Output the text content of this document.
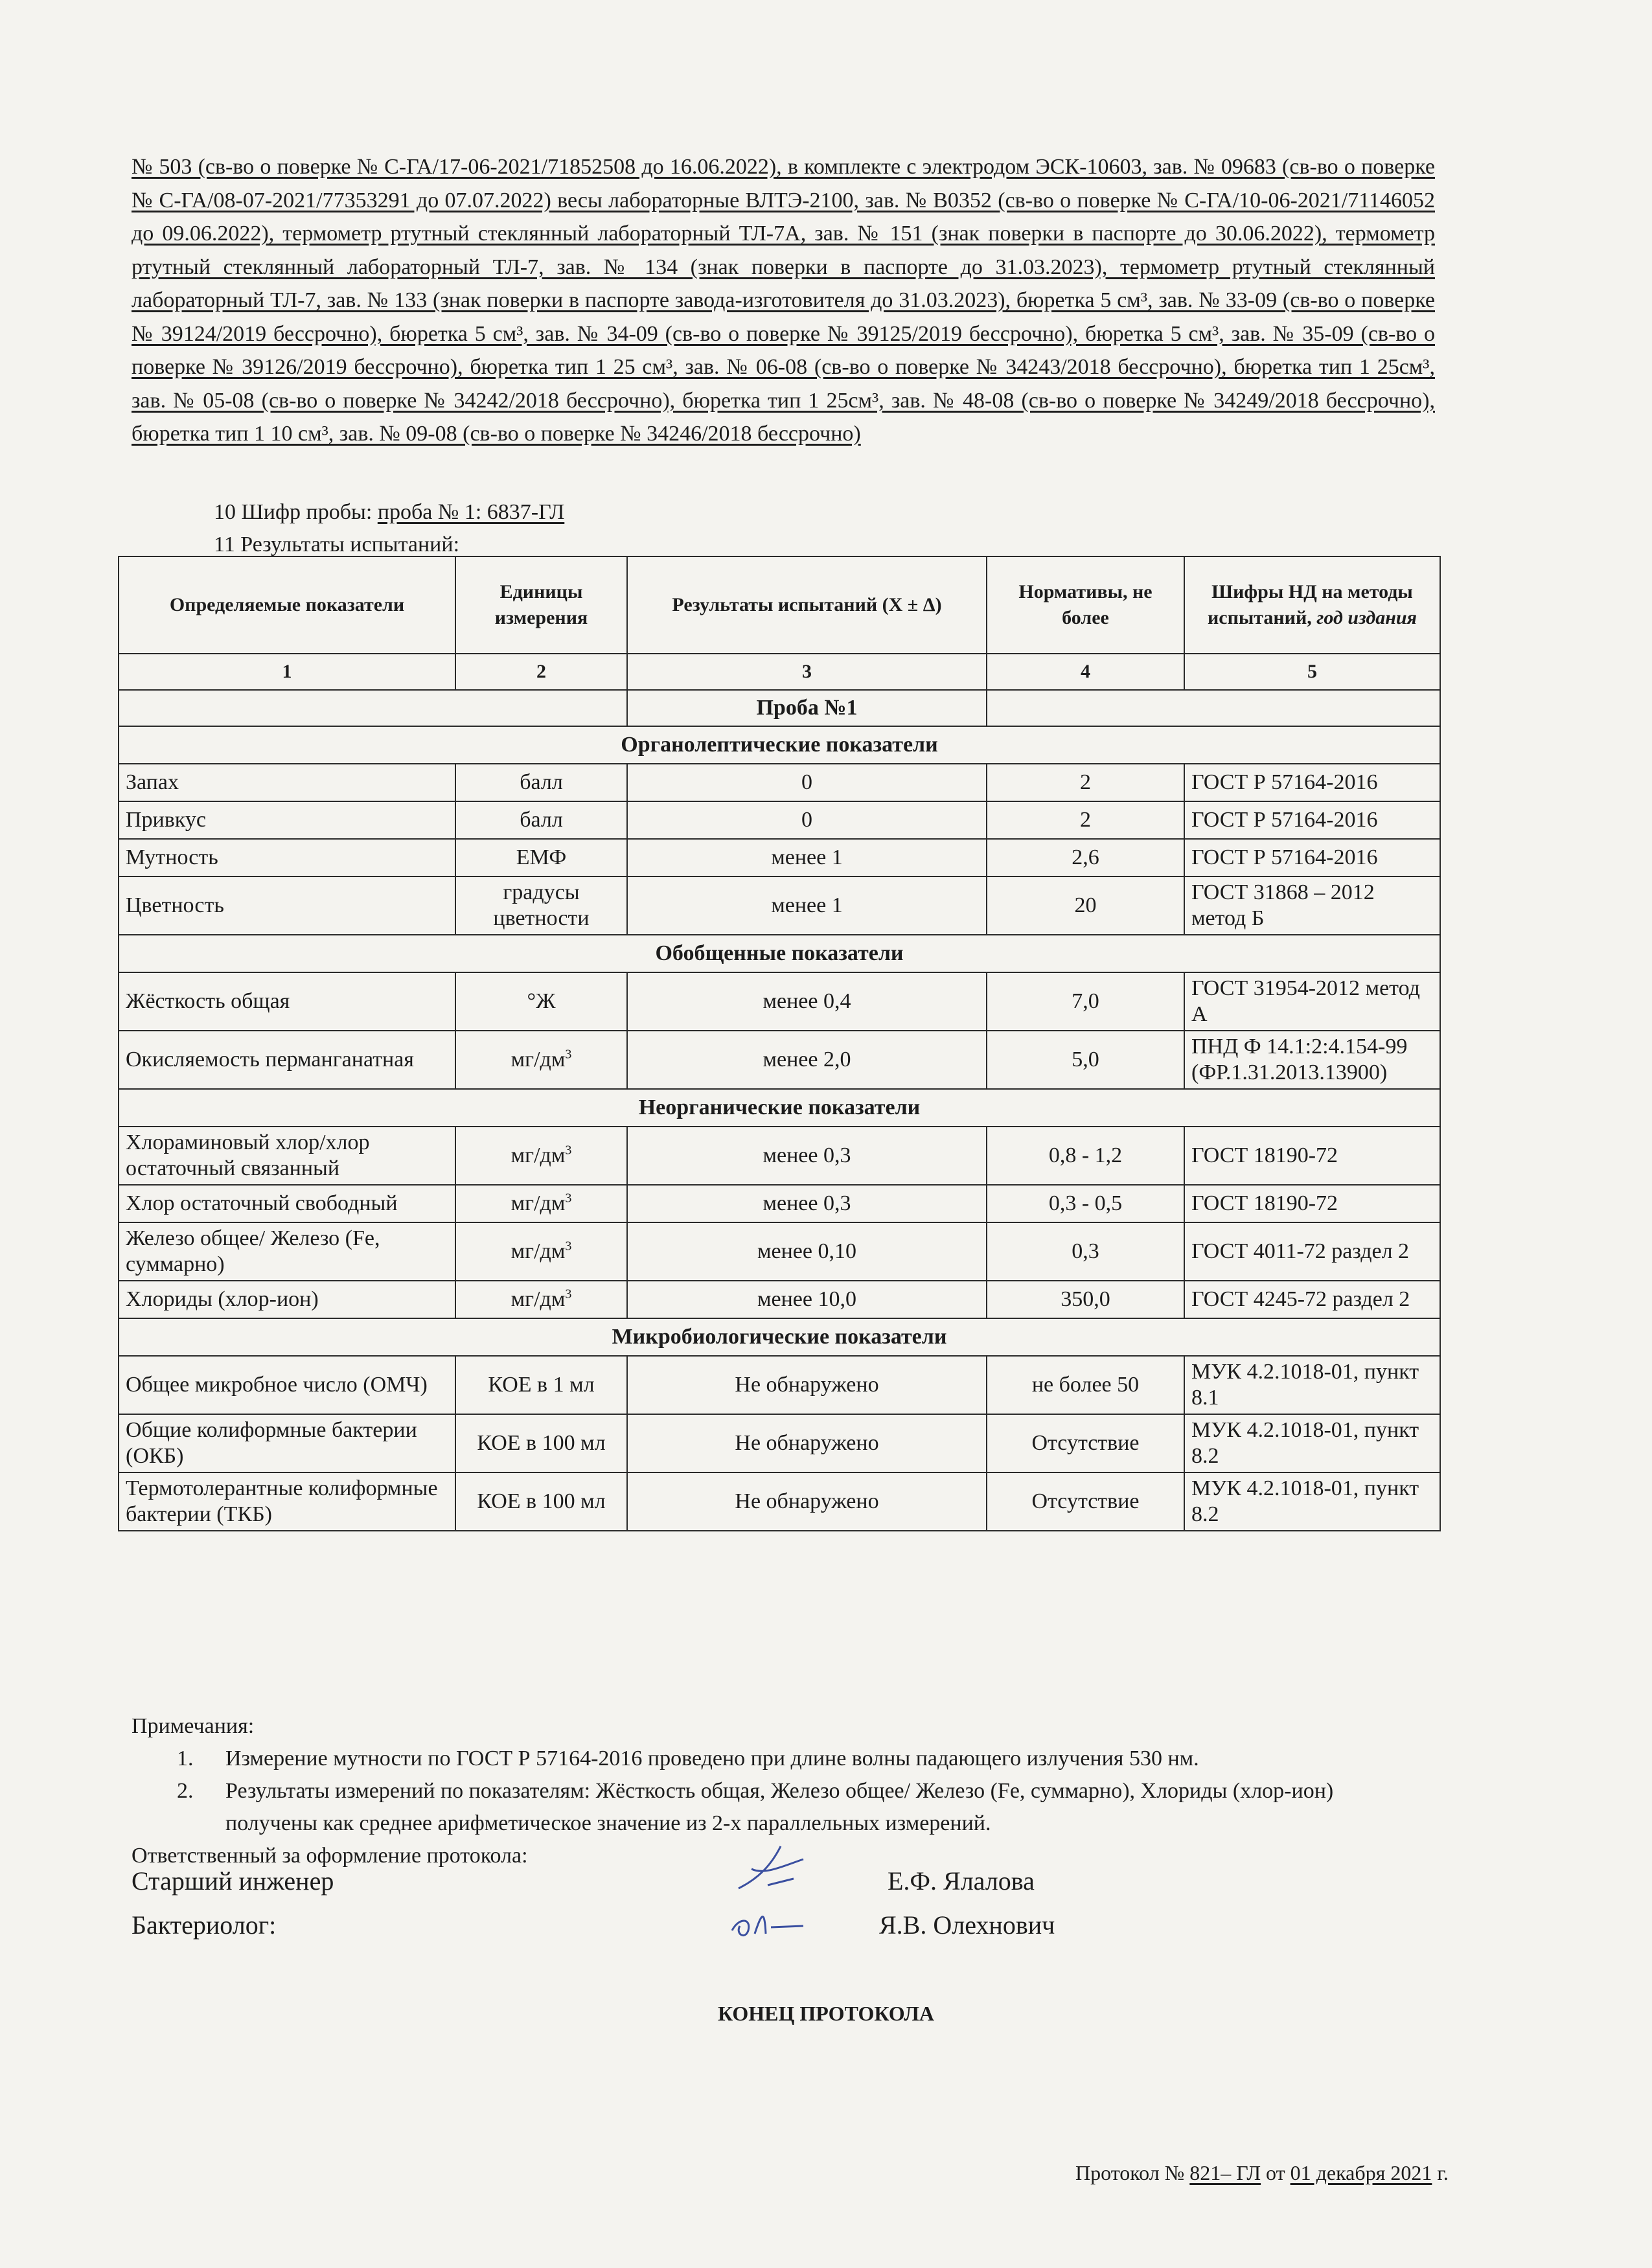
№ 503 (св-во о поверке № С-ГА/17-06-2021/71852508 до 16.06.2022), в комплекте с электродом ЭСК-10603, зав. № 09683 (св-во о поверке № С-ГА/08-07-2021/77353291 до 07.07.2022) весы лабораторные ВЛТЭ-2100, зав. № В0352 (св-во о поверке № С-ГА/10-06-2021/71146052 до 09.06.2022), термометр ртутный стеклянный лабораторный ТЛ-7А, зав. № 151 (знак поверки в паспорте до 30.06.2022), термометр ртутный стеклянный лабораторный ТЛ-7, зав. № 134 (знак поверки в паспорте до 31.03.2023), термометр ртутный стеклянный лабораторный ТЛ-7, зав. № 133 (знак поверки в паспорте завода-изготовителя до 31.03.2023), бюретка 5 см³, зав. № 33-09 (св-во о поверке № 39124/2019 бессрочно), бюретка 5 см³, зав. № 34-09 (св-во о поверке № 39125/2019 бессрочно), бюретка 5 см³, зав. № 35-09 (св-во о поверке № 39126/2019 бессрочно), бюретка тип 1 25 см³, зав. № 06-08 (св-во о поверке № 34243/2018 бессрочно), бюретка тип 1 25см³, зав. № 05-08 (св-во о поверке № 34242/2018 бессрочно), бюретка тип 1 25см³, зав. № 48-08 (св-во о поверке № 34249/2018 бессрочно), бюретка тип 1 10 см³, зав. № 09-08 (св-во о поверке № 34246/2018 бессрочно)
10 Шифр пробы: проба № 1: 6837-ГЛ
11 Результаты испытаний:
Определяемые показатели	Единицы измерения	Результаты испытаний (Х ± Δ)	Нормативы, не более	Шифры НД на методы испытаний, год издания
1	2	3	4	5
		Проба №1		
Органолептические показатели				
Запах	балл	0	2	ГОСТ Р 57164-2016
Привкус	балл	0	2	ГОСТ Р 57164-2016
Мутность	ЕМФ	менее 1	2,6	ГОСТ Р 57164-2016
Цветность	градусы цветности	менее 1	20	ГОСТ 31868 – 2012 метод Б
Обобщенные показатели				
Жёсткость общая	°Ж	менее 0,4	7,0	ГОСТ 31954-2012 метод А
Окисляемость перманганатная	$мг/дм^3$	менее 2,0	5,0	ПНД Ф 14.1:2:4.154-99 (ФР.1.31.2013.13900)
Неорганические показатели				
Хлораминовый хлор/хлор остаточный связанный	$мг/дм^3$	менее 0,3	0,8 - 1,2	ГОСТ 18190-72
Хлор остаточный свободный	$мг/дм^3$	менее 0,3	0,3 - 0,5	ГОСТ 18190-72
Железо общее/ Железо (Fe, суммарно)	$мг/дм^3$	менее 0,10	0,3	ГОСТ 4011-72 раздел 2
Хлориды (хлор-ион)	$мг/дм^3$	менее 10,0	350,0	ГОСТ 4245-72 раздел 2
Микробиологические показатели				
Общее микробное число (ОМЧ)	КОЕ в 1 мл	Не обнаружено	не более 50	МУК 4.2.1018-01, пункт 8.1
Общие колиформные бактерии (ОКБ)	КОЕ в 100 мл	Не обнаружено	Отсутствие	МУК 4.2.1018-01, пункт 8.2
Термотолерантные колиформные бактерии (ТКБ)	КОЕ в 100 мл	Не обнаружено	Отсутствие	МУК 4.2.1018-01, пункт 8.2
Примечания:
1. Измерение мутности по ГОСТ Р 57164-2016 проведено при длине волны падающего излучения 530 нм.
2. Результаты измерений по показателям: Жёсткость общая, Железо общее/ Железо (Fe, суммарно), Хлориды (хлор-ион) получены как среднее арифметическое значение из 2-х параллельных измерений.
Ответственный за оформление протокола:
Старший инженер	Е.Ф. Ялалова
Бактериолог:	Я.В. Олехнович
КОНЕЦ ПРОТОКОЛА
Протокол № 821– ГЛ от 01 декабря 2021 г.
